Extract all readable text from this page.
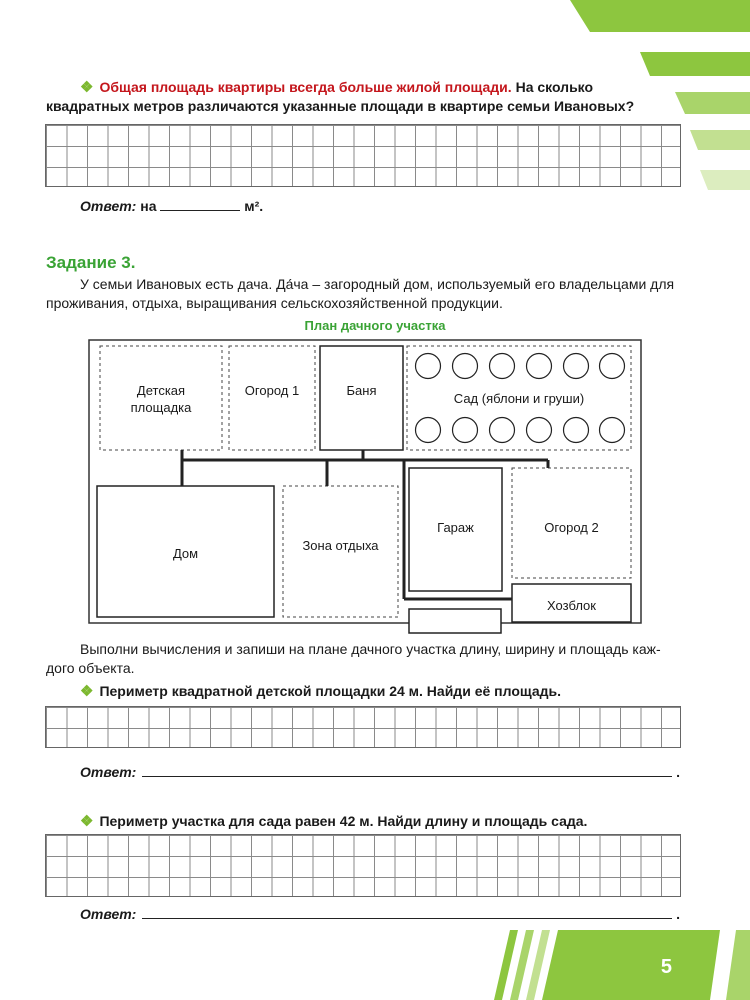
❖ Общая площадь квартиры всегда больше жилой площади. На сколько
квадратных метров различаются указанные площади в квартире семьи Ивановых?
Ответ: на	м².
Задание 3.
У семьи Ивановых есть дача. Да́ча – загородный дом, используемый его владельцами для
проживания, отдыха, выращивания сельскохозяйственной продукции.
План дачного участка
Детская площадка
Огород 1	Баня
Сад (яблони и груши)
Дом
Зона отдыха
Гараж	Огород 2
Хозблок
Выполни вычисления и запиши на плане дачного участка длину, ширину и площадь каж-
дого объекта.
❖ Периметр квадратной детской площадки 24 м. Найди её площадь.
Ответ:	.
❖ Периметр участка для сада равен 42 м. Найди длину и площадь сада.
Ответ:	.
5
